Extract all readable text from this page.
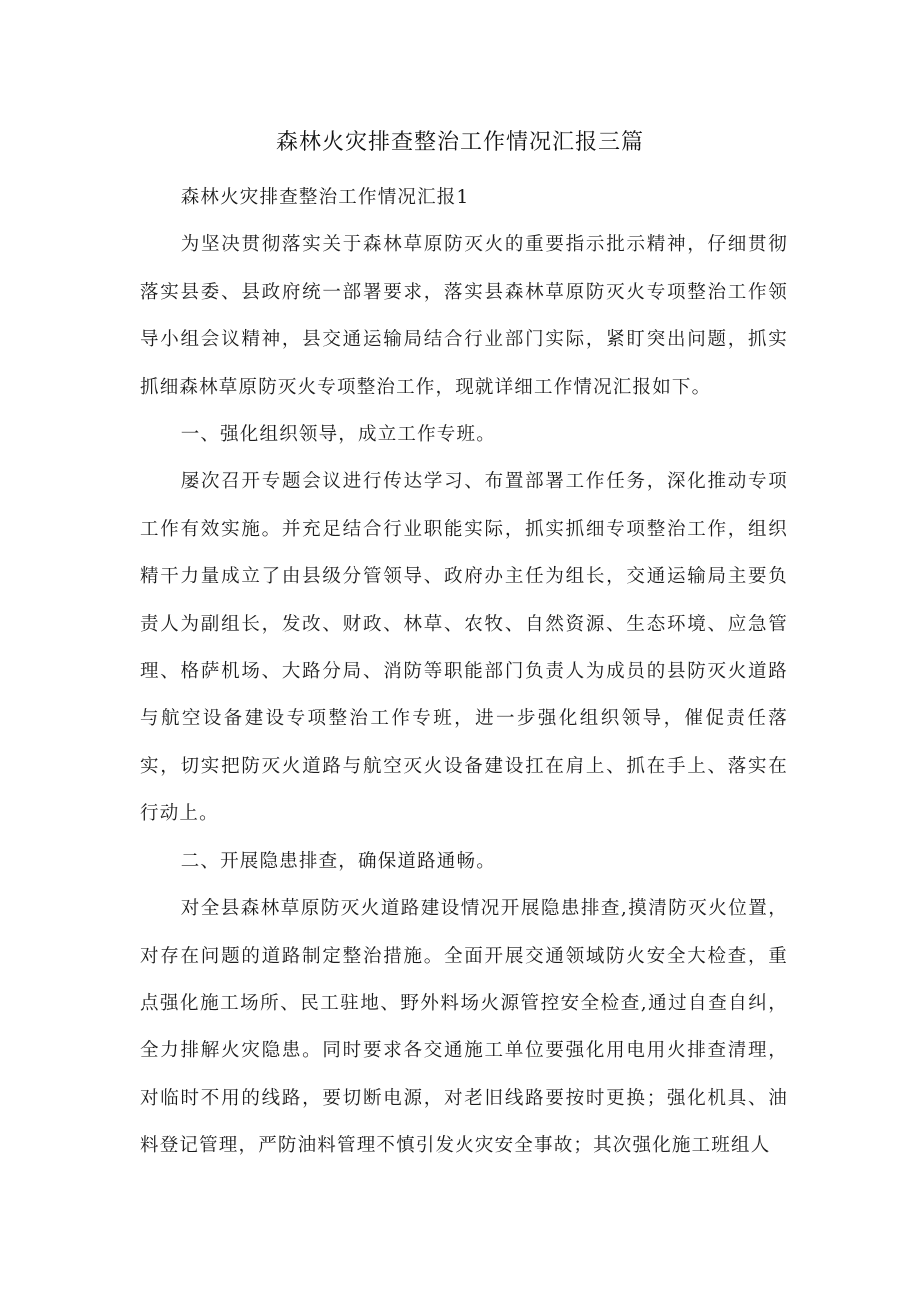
森林火灾排查整治工作情况汇报三篇

森林火灾排查整治工作情况汇报1

为坚决贯彻落实关于森林草原防灭火的重要指示批示精神，仔细贯彻落实县委、县政府统一部署要求，落实县森林草原防灭火专项整治工作领导小组会议精神，县交通运输局结合行业部门实际，紧盯突出问题，抓实抓细森林草原防灭火专项整治工作，现就详细工作情况汇报如下。

一、强化组织领导，成立工作专班。

屡次召开专题会议进行传达学习、布置部署工作任务，深化推动专项工作有效实施。并充足结合行业职能实际，抓实抓细专项整治工作，组织精干力量成立了由县级分管领导、政府办主任为组长，交通运输局主要负责人为副组长，发改、财政、林草、农牧、自然资源、生态环境、应急管理、格萨机场、大路分局、消防等职能部门负责人为成员的县防灭火道路与航空设备建设专项整治工作专班，进一步强化组织领导，催促责任落实，切实把防灭火道路与航空灭火设备建设扛在肩上、抓在手上、落实在行动上。

二、开展隐患排查，确保道路通畅。

对全县森林草原防灭火道路建设情况开展隐患排查,摸清防灭火位置，对存在问题的道路制定整治措施。全面开展交通领域防火安全大检查，重点强化施工场所、民工驻地、野外料场火源管控安全检查,通过自查自纠，全力排解火灾隐患。同时要求各交通施工单位要强化用电用火排查清理，对临时不用的线路，要切断电源，对老旧线路要按时更换；强化机具、油料登记管理，严防油料管理不慎引发火灾安全事故；其次强化施工班组人
